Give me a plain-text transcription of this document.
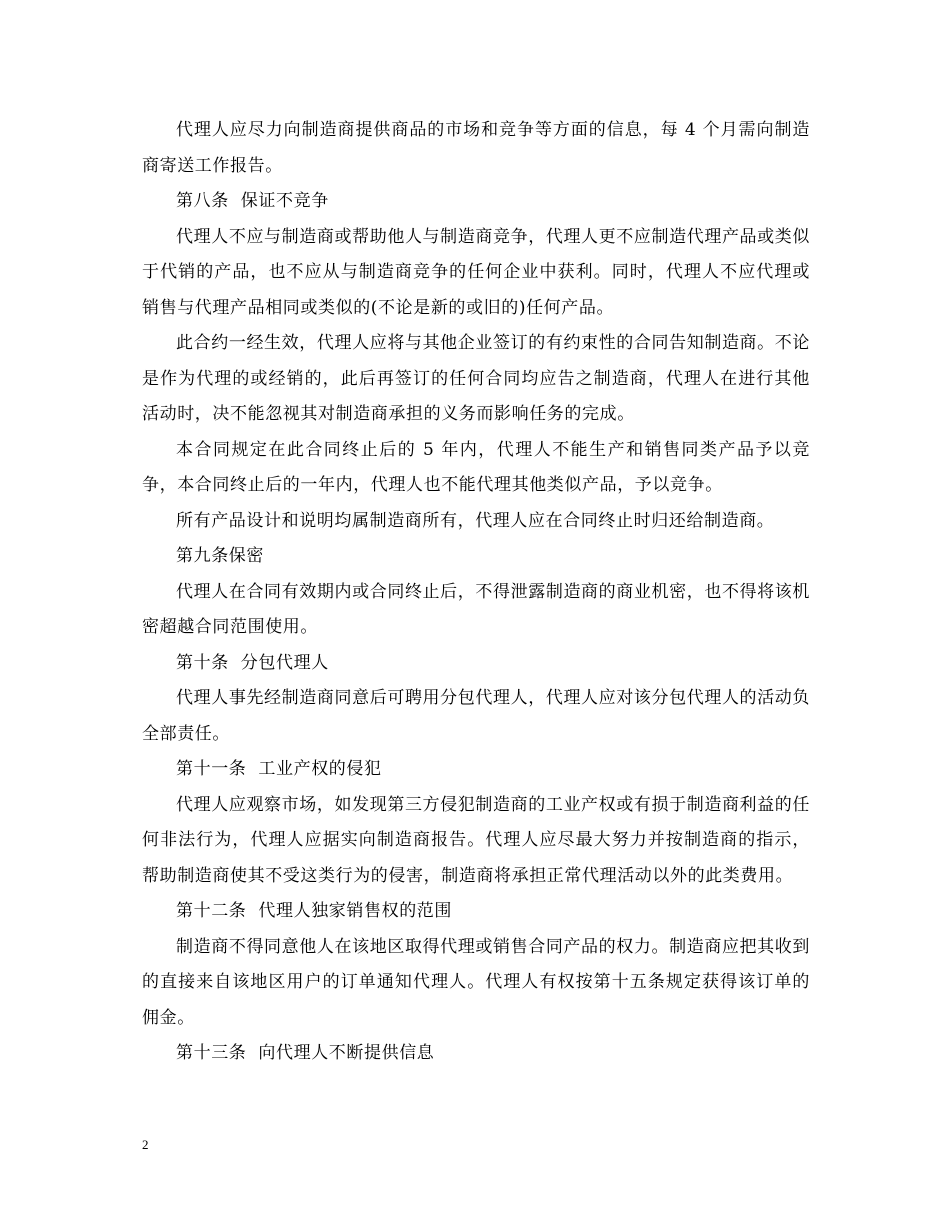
代理人应尽力向制造商提供商品的市场和竞争等方面的信息，每 4 个月需向制造商寄送工作报告。

第八条  保证不竞争

代理人不应与制造商或帮助他人与制造商竞争，代理人更不应制造代理产品或类似于代销的产品，也不应从与制造商竞争的任何企业中获利。同时，代理人不应代理或销售与代理产品相同或类似的(不论是新的或旧的)任何产品。

此合约一经生效，代理人应将与其他企业签订的有约束性的合同告知制造商。不论是作为代理的或经销的，此后再签订的任何合同均应告之制造商，代理人在进行其他活动时，决不能忽视其对制造商承担的义务而影响任务的完成。

本合同规定在此合同终止后的 5 年内，代理人不能生产和销售同类产品予以竞争，本合同终止后的一年内，代理人也不能代理其他类似产品，予以竞争。

所有产品设计和说明均属制造商所有，代理人应在合同终止时归还给制造商。

第九条保密

代理人在合同有效期内或合同终止后，不得泄露制造商的商业机密，也不得将该机密超越合同范围使用。

第十条  分包代理人

代理人事先经制造商同意后可聘用分包代理人，代理人应对该分包代理人的活动负全部责任。

第十一条  工业产权的侵犯

代理人应观察市场，如发现第三方侵犯制造商的工业产权或有损于制造商利益的任何非法行为，代理人应据实向制造商报告。代理人应尽最大努力并按制造商的指示，帮助制造商使其不受这类行为的侵害，制造商将承担正常代理活动以外的此类费用。

第十二条  代理人独家销售权的范围

制造商不得同意他人在该地区取得代理或销售合同产品的权力。制造商应把其收到的直接来自该地区用户的订单通知代理人。代理人有权按第十五条规定获得该订单的佣金。

第十三条  向代理人不断提供信息

2
